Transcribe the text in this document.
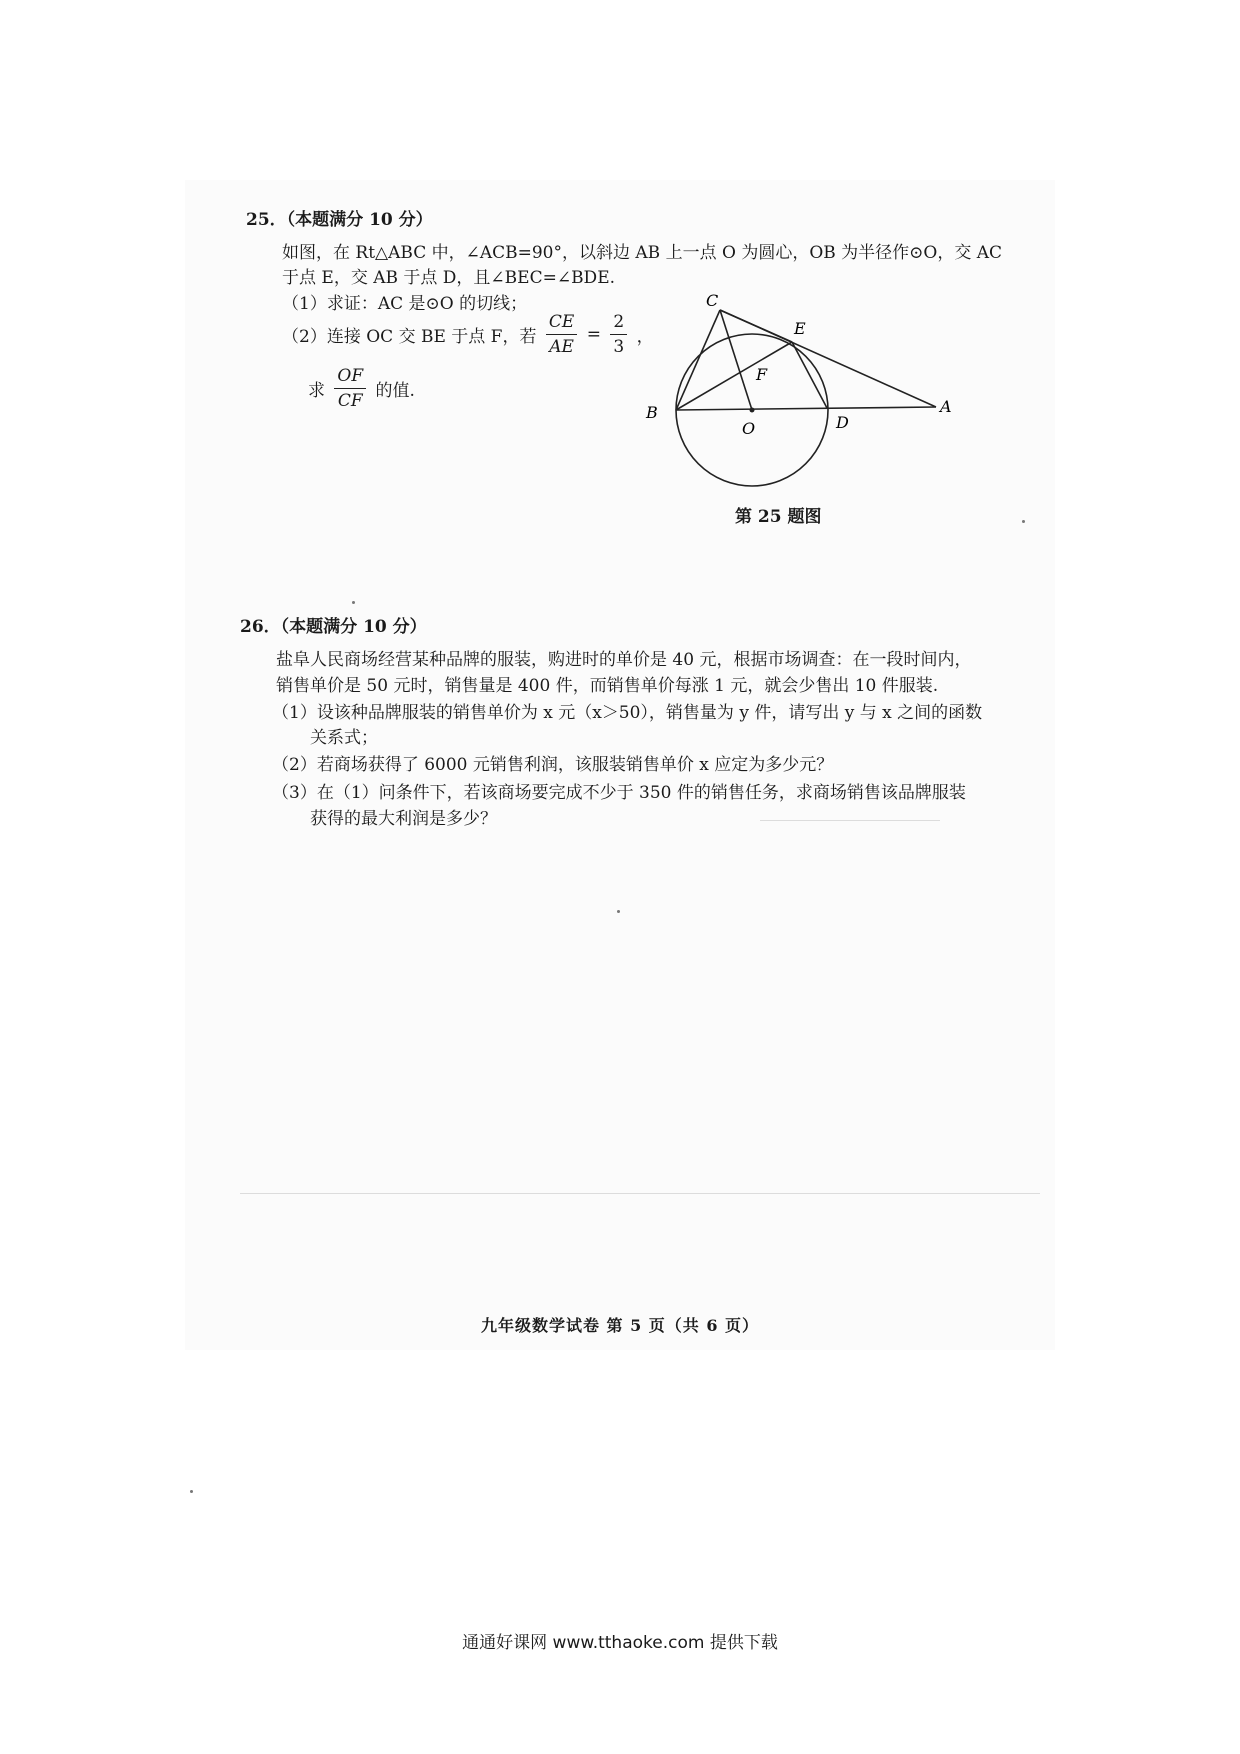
25．（本题满分 10 分）
如图，在 Rt△ABC 中，∠ACB=90°，以斜边 AB 上一点 O 为圆心，OB 为半径作⊙O，交 AC
于点 E，交 AB 于点 D，且∠BEC=∠BDE.
（1）求证：AC 是⊙O 的切线；
（2）连接 OC 交 BE 于点 F，若 $\frac{CE}{AE} = \frac{2}{3}$ ，
求 $\frac{OF}{CF}$ 的值.
C
E
F
B
O	D
A
第 25 题图
26．（本题满分 10 分）
盐阜人民商场经营某种品牌的服装，购进时的单价是 40 元，根据市场调查：在一段时间内，
销售单价是 50 元时，销售量是 400 件，而销售单价每涨 1 元，就会少售出 10 件服装.
（1）设该种品牌服装的销售单价为 x 元（x＞50），销售量为 y 件，请写出 y 与 x 之间的函数
关系式；
（2）若商场获得了 6000 元销售利润，该服装销售单价 x 应定为多少元？
（3）在（1）问条件下，若该商场要完成不少于 350 件的销售任务，求商场销售该品牌服装
获得的最大利润是多少？
九年级数学试卷 第 5 页（共 6 页）
通通好课网 www.tthaoke.com 提供下载
